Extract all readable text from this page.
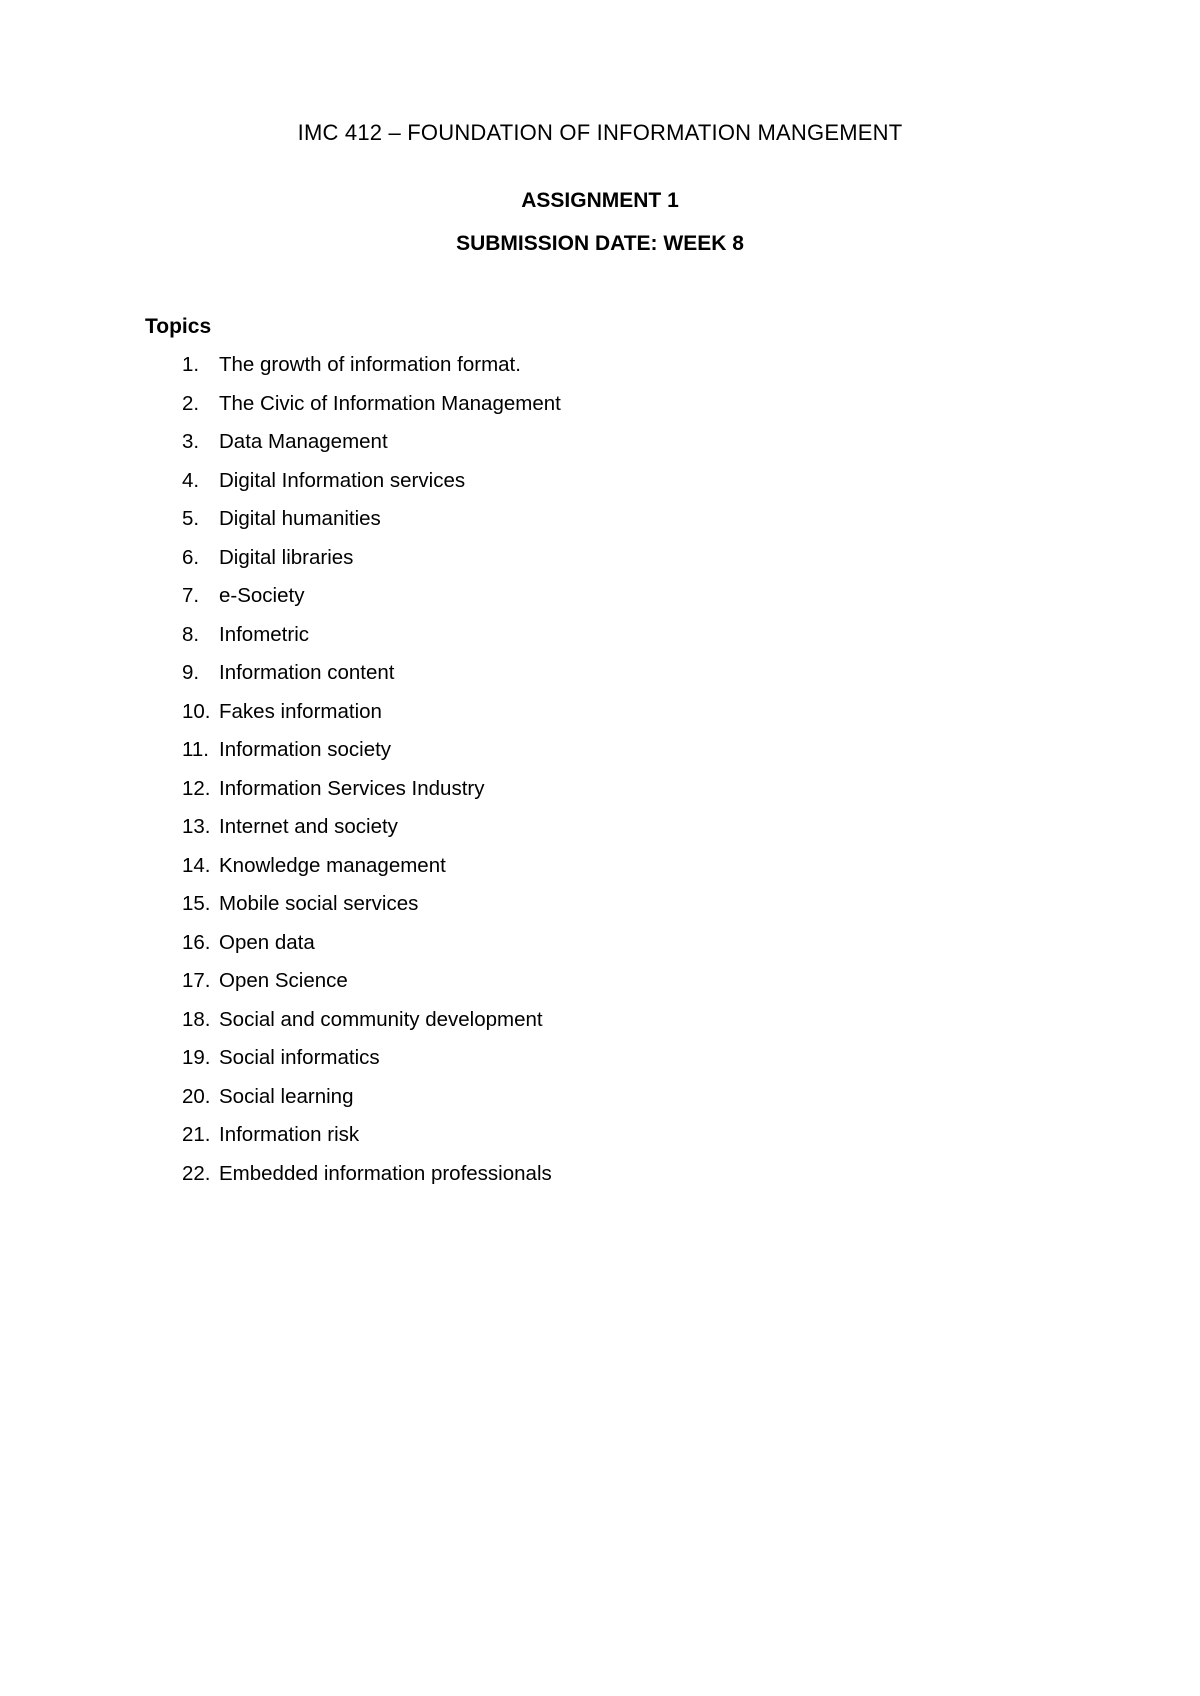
IMC 412 – FOUNDATION OF INFORMATION MANGEMENT
ASSIGNMENT 1
SUBMISSION DATE: WEEK 8
Topics
1. The growth of information format.
2. The Civic of Information Management
3. Data Management
4. Digital Information services
5. Digital humanities
6. Digital libraries
7. e-Society
8. Infometric
9. Information content
10. Fakes information
11. Information society
12. Information Services Industry
13. Internet and society
14. Knowledge management
15. Mobile social services
16. Open data
17. Open Science
18. Social and community development
19. Social informatics
20. Social learning
21. Information risk
22. Embedded information professionals
